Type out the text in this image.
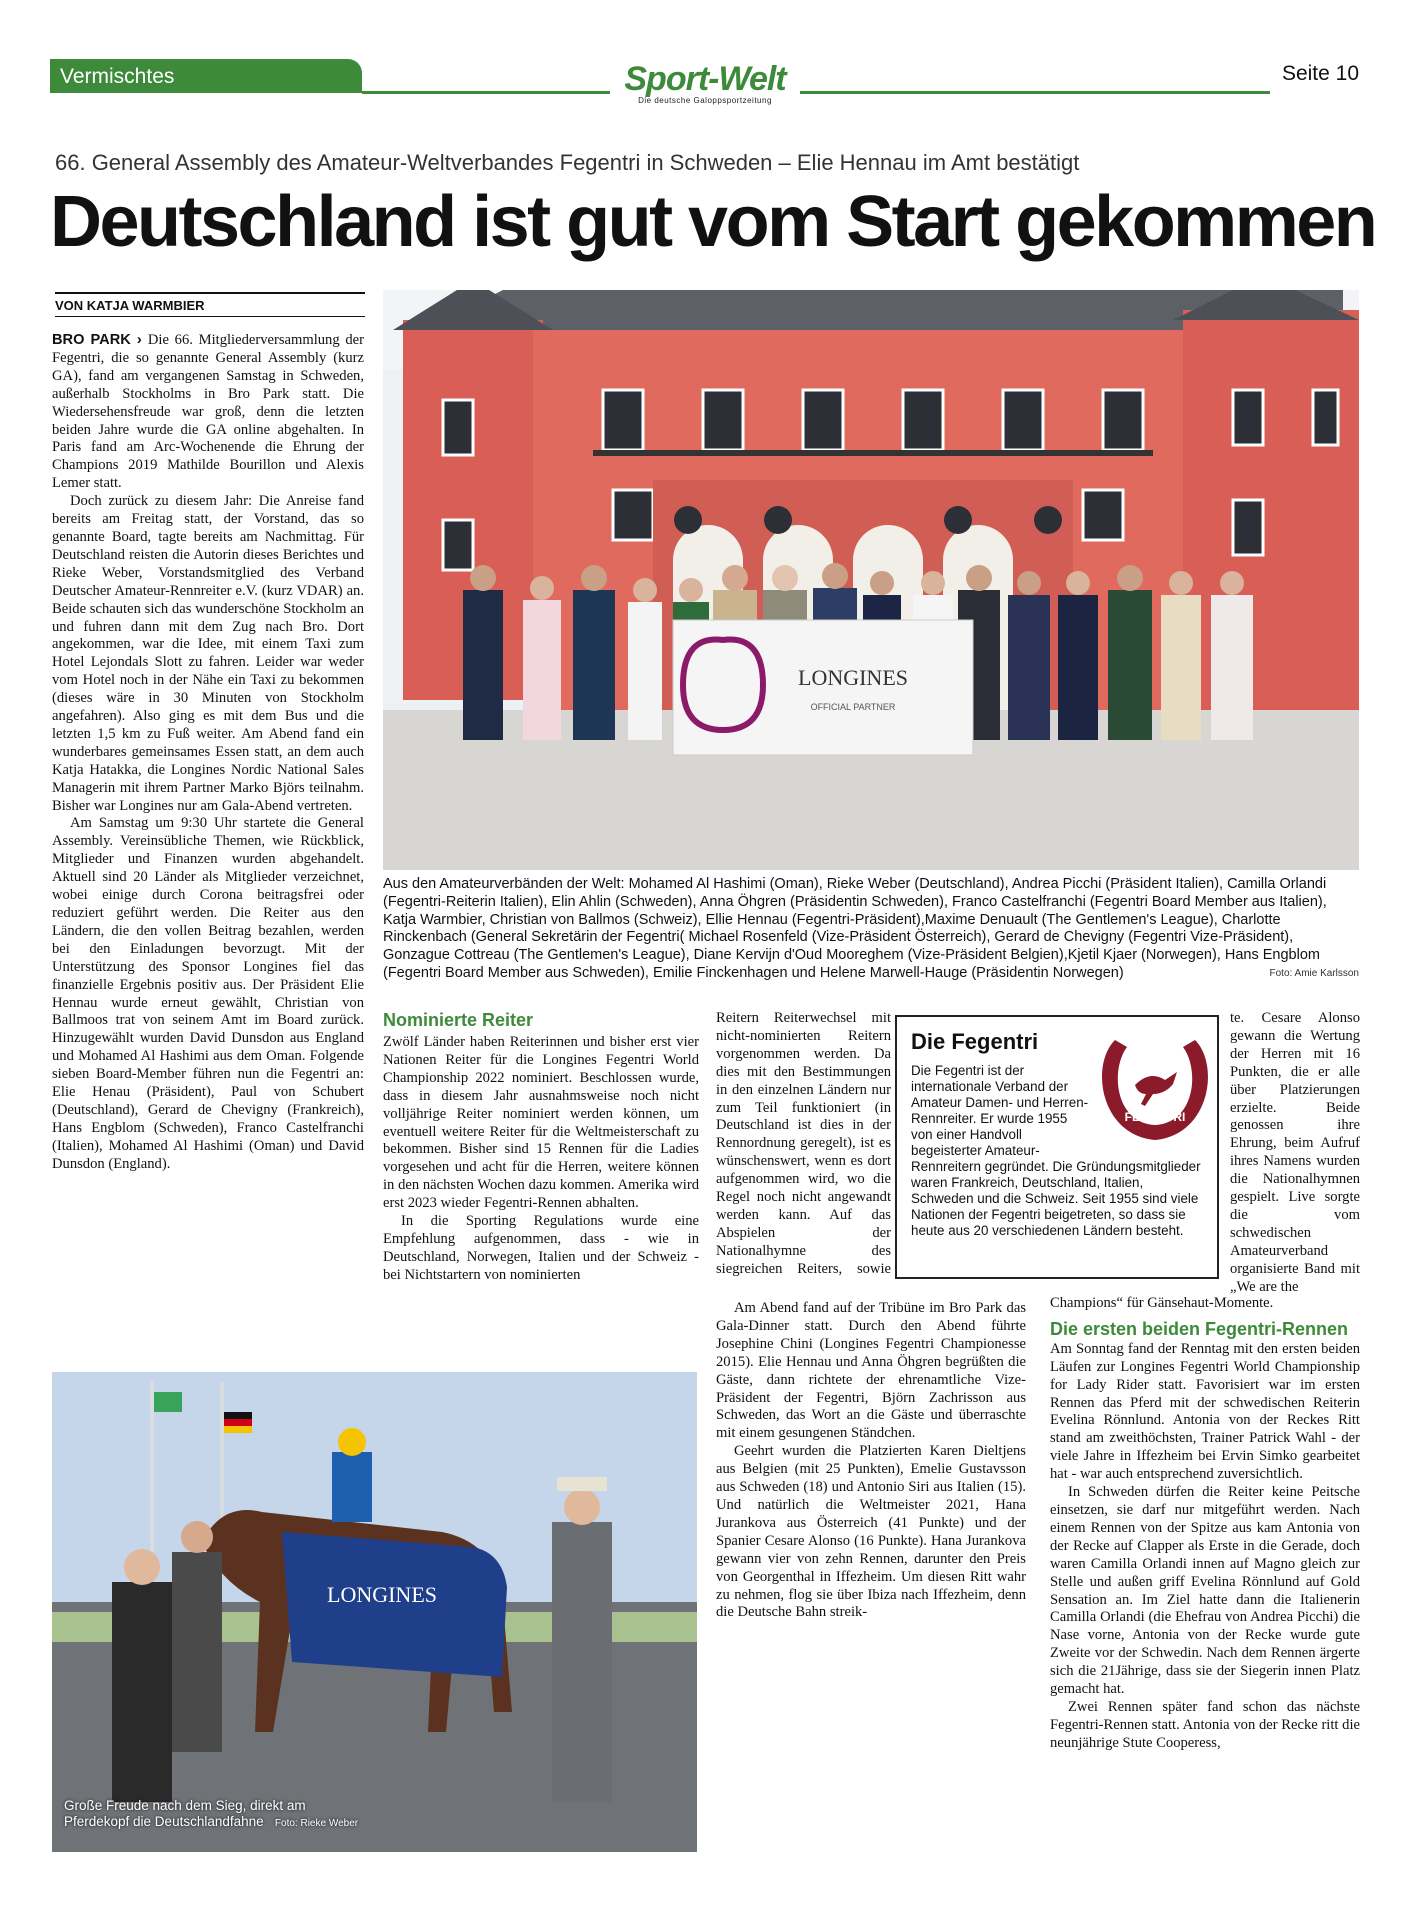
Vermischtes	Sport-Welt
Die deutsche Galoppsportzeitung
Seite 10
66. General Assembly des Amateur-Weltverbandes Fegentri in Schweden – Elie Hennau im Amt bestätigt
Deutschland ist gut vom Start gekommen
VON KATJA WARMBIER

BRO PARK › Die 66. Mitgliederversammlung der Fegentri, die so genannte General Assembly (kurz GA), fand am vergangenen Samstag in Schweden, außerhalb Stockholms in Bro Park statt. Die Wiedersehensfreude war groß, denn die letzten beiden Jahre wurde die GA online abgehalten. In Paris fand am Arc-Wochenende die Ehrung der Champions 2019 Mathilde Bourillon und Alexis Lemer statt.

Doch zurück zu diesem Jahr: Die Anreise fand bereits am Freitag statt, der Vorstand, das so genannte Board, tagte bereits am Nachmittag. Für Deutschland reisten die Autorin dieses Berichtes und Rieke Weber, Vorstandsmitglied des Verband Deutscher Amateur-Rennreiter e.V. (kurz VDAR) an. Beide schauten sich das wunderschöne Stockholm an und fuhren dann mit dem Zug nach Bro. Dort angekommen, war die Idee, mit einem Taxi zum Hotel Lejondals Slott zu fahren. Leider war weder vom Hotel noch in der Nähe ein Taxi zu bekommen (dieses wäre in 30 Minuten von Stockholm angefahren). Also ging es mit dem Bus und die letzten 1,5 km zu Fuß weiter. Am Abend fand ein wunderbares gemeinsames Essen statt, an dem auch Katja Hatakka, die Longines Nordic National Sales Managerin mit ihrem Partner Marko Björs teilnahm. Bisher war Longines nur am Gala-Abend vertreten.

Am Samstag um 9:30 Uhr startete die General Assembly. Vereinsübliche Themen, wie Rückblick, Mitglieder und Finanzen wurden abgehandelt. Aktuell sind 20 Länder als Mitglieder verzeichnet, wobei einige durch Corona beitragsfrei oder reduziert geführt werden. Die Reiter aus den Ländern, die den vollen Beitrag bezahlen, werden bei den Einladungen bevorzugt. Mit der Unterstützung des Sponsor Longines fiel das finanzielle Ergebnis positiv aus. Der Präsident Elie Hennau wurde erneut gewählt, Christian von Ballmoos trat von seinem Amt im Board zurück. Hinzugewählt wurden David Dunsdon aus England und Mohamed Al Hashimi aus dem Oman. Folgende sieben Board-Member führen nun die Fegentri an: Elie Henau (Präsident), Paul von Schubert (Deutschland), Gerard de Chevigny (Frankreich), Hans Engblom (Schweden), Franco Castelfranchi (Italien), Mohamed Al Hashimi (Oman) und David Dunsdon (England).

LONGINES
OFFICIAL PARTNER
Aus den Amateurverbänden der Welt: Mohamed Al Hashimi (Oman), Rieke Weber (Deutschland), Andrea Picchi (Präsident Italien), Camilla Orlandi (Fegentri-Reiterin Italien), Elin Ahlin (Schweden), Anna Öhgren (Präsidentin Schweden), Franco Castelfranchi (Fegentri Board Member aus Italien), Katja Warmbier, Christian von Ballmos (Schweiz), Ellie Hennau (Fegentri-Präsident),Maxime Denuault (The Gentlemen's League), Charlotte Rinckenbach (General Sekretärin der Fegentri( Michael Rosenfeld (Vize-Präsident Österreich), Gerard de Chevigny (Fegentri Vize-Präsident), Gonzague Cottreau (The Gentlemen's League), Diane Kervijn d'Oud Mooreghem (Vize-Präsident Belgien),Kjetil Kjaer (Norwegen), Hans Engblom (Fegentri Board Member aus Schweden), Emilie Finckenhagen und Helene Marwell-Hauge (Präsidentin Norwegen)	Foto: Amie Karlsson
Nominierte Reiter

Zwölf Länder haben Reiterinnen und bisher erst vier Nationen Reiter für die Longines Fegentri World Championship 2022 nominiert. Beschlossen wurde, dass in diesem Jahr ausnahmsweise noch nicht volljährige Reiter nominiert werden können, um eventuell weitere Reiter für die Weltmeisterschaft zu bekommen. Bisher sind 15 Rennen für die Ladies vorgesehen und acht für die Herren, weitere können in den nächsten Wochen dazu kommen. Amerika wird erst 2023 wieder Fegentri-Rennen abhalten.

In die Sporting Regulations wurde eine Empfehlung aufgenommen, dass - wie in Deutschland, Norwegen, Italien und der Schweiz - bei Nichtstartern von nominierten

Die Fegentri
FEGENTRI
Die Fegentri ist der internationale Verband der Amateur Damen- und Herren-Rennreiter. Er wurde 1955 von einer Handvoll begeisterter Amateur-Rennreitern gegründet. Die Gründungsmitglieder waren Frankreich, Deutschland, Italien, Schweden und die Schweiz. Seit 1955 sind viele Nationen der Fegentri beigetreten, so dass sie heute aus 20 verschiedenen Ländern besteht.

Reitern Reiterwechsel mit nicht-nominierten Reitern vorgenommen werden. Da dies mit den Bestimmungen in den einzelnen Ländern nur zum Teil funktioniert (in Deutschland ist dies in der Rennordnung geregelt), ist es wünschenswert, wenn es dort aufgenommen wird, wo die Regel noch nicht angewandt werden kann. Auf das Abspielen der Nationalhymne des siegreichen Reiters, sowie

Am Abend fand auf der Tribüne im Bro Park das Gala-Dinner statt. Durch den Abend führte Josephine Chini (Longines Fegentri Championesse 2015). Elie Hennau und Anna Öhgren begrüßten die Gäste, dann richtete der ehrenamtliche Vize-Präsident der Fegentri, Björn Zachrisson aus Schweden, das Wort an die Gäste und überraschte mit einem gesungenen Ständchen.

Geehrt wurden die Platzierten Karen Dieltjens aus Belgien (mit 25 Punkten), Emelie Gustavsson aus Schweden (18) und Antonio Siri aus Italien (15). Und natürlich die Weltmeister 2021, Hana Jurankova aus Österreich (41 Punkte) und der Spanier Cesare Alonso (16 Punkte). Hana Jurankova gewann vier von zehn Rennen, darunter den Preis von Georgenthal in Iffezheim. Um diesen Ritt wahr zu nehmen, flog sie über Ibiza nach Iffezheim, denn die Deutsche Bahn streik-

te. Cesare Alonso gewann die Wertung der Herren mit 16 Punkten, die er alle über Platzierungen erzielte. Beide genossen ihre Ehrung, beim Aufruf ihres Namens wurden die Nationalhymnen gespielt. Live sorgte die vom schwedischen Amateurverband organisierte Band mit „We are the

Champions“ für Gänsehaut-Momente.

Die ersten beiden Fegentri-Rennen

Am Sonntag fand der Renntag mit den ersten beiden Läufen zur Longines Fegentri World Championship for Lady Rider statt. Favorisiert war im ersten Rennen das Pferd mit der schwedischen Reiterin Evelina Rönnlund. Antonia von der Reckes Ritt stand am zweithöchsten, Trainer Patrick Wahl - der viele Jahre in Iffezheim bei Ervin Simko gearbeitet hat - war auch entsprechend zuversichtlich.

In Schweden dürfen die Reiter keine Peitsche einsetzen, sie darf nur mitgeführt werden. Nach einem Rennen von der Spitze aus kam Antonia von der Recke auf Clapper als Erste in die Gerade, doch waren Camilla Orlandi innen auf Magno gleich zur Stelle und außen griff Evelina Rönnlund auf Gold Sensation an. Im Ziel hatte dann die Italienerin Camilla Orlandi (die Ehefrau von Andrea Picchi) die Nase vorne, Antonia von der Recke wurde gute Zweite vor der Schwedin. Nach dem Rennen ärgerte sich die 21Jährige, dass sie der Siegerin innen Platz gemacht hat.

Zwei Rennen später fand schon das nächste Fegentri-Rennen statt. Antonia von der Recke ritt die neunjährige Stute Cooperess,

LONGINES
Große Freude nach dem Sieg, direkt am
Pferdekopf die Deutschlandfahne Foto: Rieke Weber
